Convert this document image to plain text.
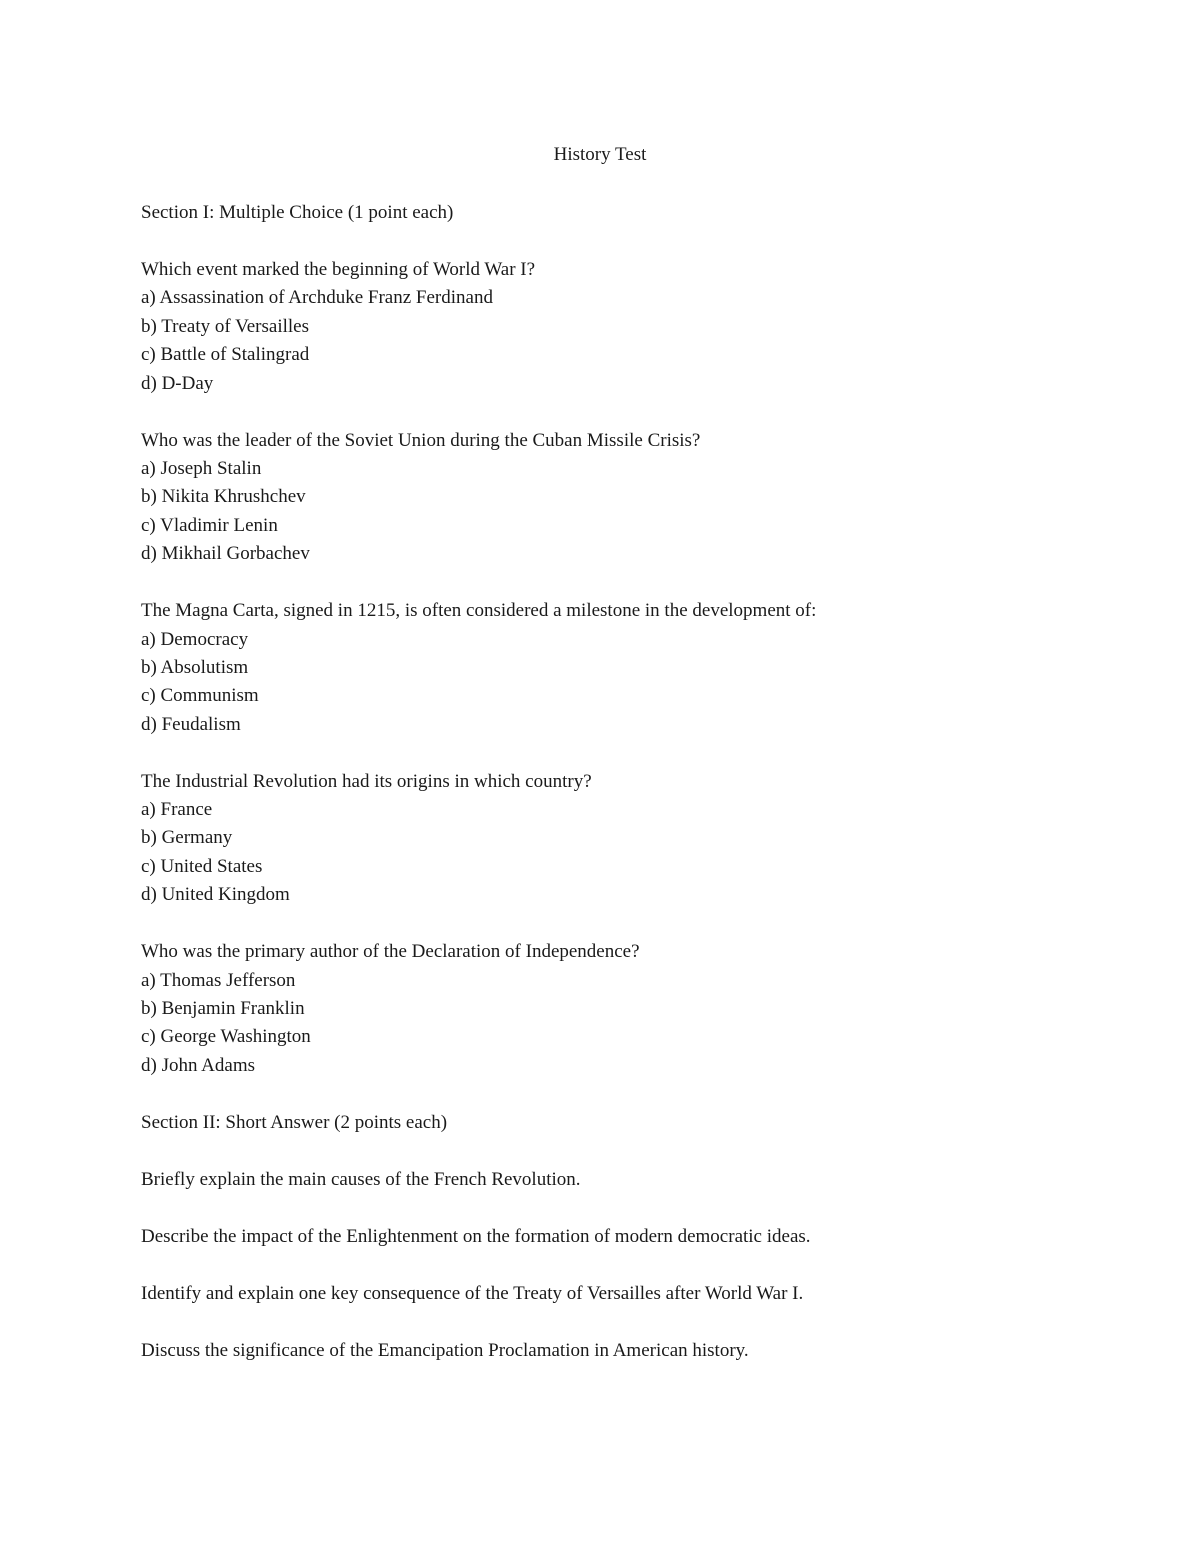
History Test

Section I: Multiple Choice (1 point each)

Which event marked the beginning of World War I?

a) Assassination of Archduke Franz Ferdinand

b) Treaty of Versailles

c) Battle of Stalingrad

d) D-Day

Who was the leader of the Soviet Union during the Cuban Missile Crisis?

a) Joseph Stalin

b) Nikita Khrushchev

c) Vladimir Lenin

d) Mikhail Gorbachev

The Magna Carta, signed in 1215, is often considered a milestone in the development of:

a) Democracy

b) Absolutism

c) Communism

d) Feudalism

The Industrial Revolution had its origins in which country?

a) France

b) Germany

c) United States

d) United Kingdom

Who was the primary author of the Declaration of Independence?

a) Thomas Jefferson

b) Benjamin Franklin

c) George Washington

d) John Adams

Section II: Short Answer (2 points each)

Briefly explain the main causes of the French Revolution.

Describe the impact of the Enlightenment on the formation of modern democratic ideas.

Identify and explain one key consequence of the Treaty of Versailles after World War I.

Discuss the significance of the Emancipation Proclamation in American history.
